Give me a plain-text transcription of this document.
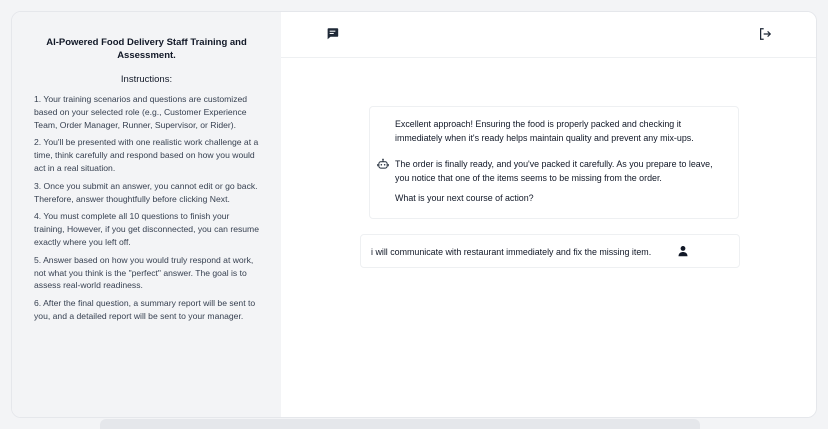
AI-Powered Food Delivery Staff Training and Assessment.
Instructions:

1. Your training scenarios and questions are customized based on your selected role (e.g., Customer Experience Team, Order Manager, Runner, Supervisor, or Rider).

2. You'll be presented with one realistic work challenge at a time, think carefully and respond based on how you would act in a real situation.

3. Once you submit an answer, you cannot edit or go back. Therefore, answer thoughtfully before clicking Next.

4. You must complete all 10 questions to finish your training, However, if you get disconnected, you can resume exactly where you left off.

5. Answer based on how you would truly respond at work, not what you think is the "perfect" answer. The goal is to assess real-world readiness.

6. After the final question, a summary report will be sent to you, and a detailed report will be sent to your manager.

Excellent approach! Ensuring the food is properly packed and checking it immediately when it's ready helps maintain quality and prevent any mix-ups.

The order is finally ready, and you've packed it carefully. As you prepare to leave, you notice that one of the items seems to be missing from the order.

What is your next course of action?

i will communicate with restaurant immediately and fix the missing item.
